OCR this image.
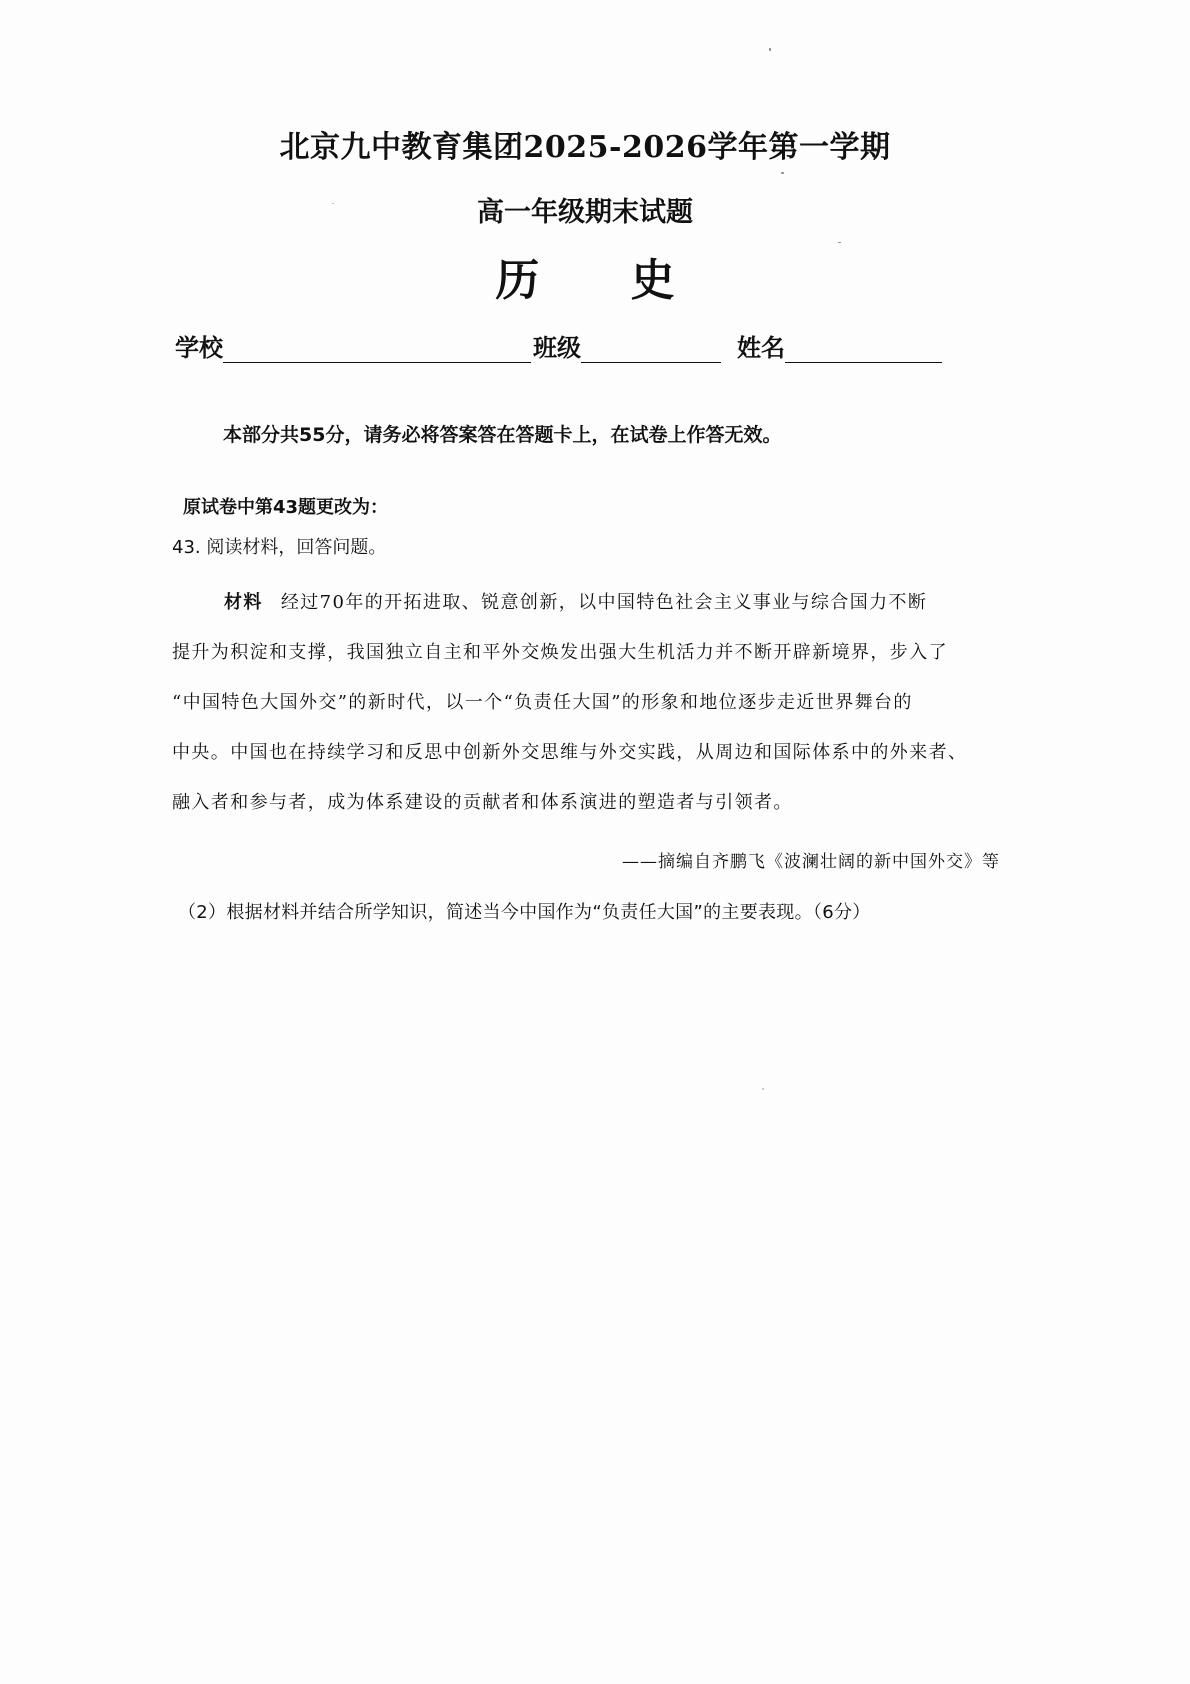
北京九中教育集团2025-2026学年第一学期
高一年级期末试题
历 史
学校	班级	姓名
本部分共55分，请务必将答案答在答题卡上，在试卷上作答无效。
原试卷中第43题更改为：
43. 阅读材料，回答问题。

材料 经过70年的开拓进取、锐意创新，以中国特色社会主义事业与综合国力不断

提升为积淀和支撑，我国独立自主和平外交焕发出强大生机活力并不断开辟新境界，步入了

“中国特色大国外交”的新时代，以一个“负责任大国”的形象和地位逐步走近世界舞台的

中央。中国也在持续学习和反思中创新外交思维与外交实践，从周边和国际体系中的外来者、

融入者和参与者，成为体系建设的贡献者和体系演进的塑造者与引领者。

——摘编自齐鹏飞《波澜壮阔的新中国外交》等
（2）根据材料并结合所学知识，简述当今中国作为“负责任大国”的主要表现。（6分）
